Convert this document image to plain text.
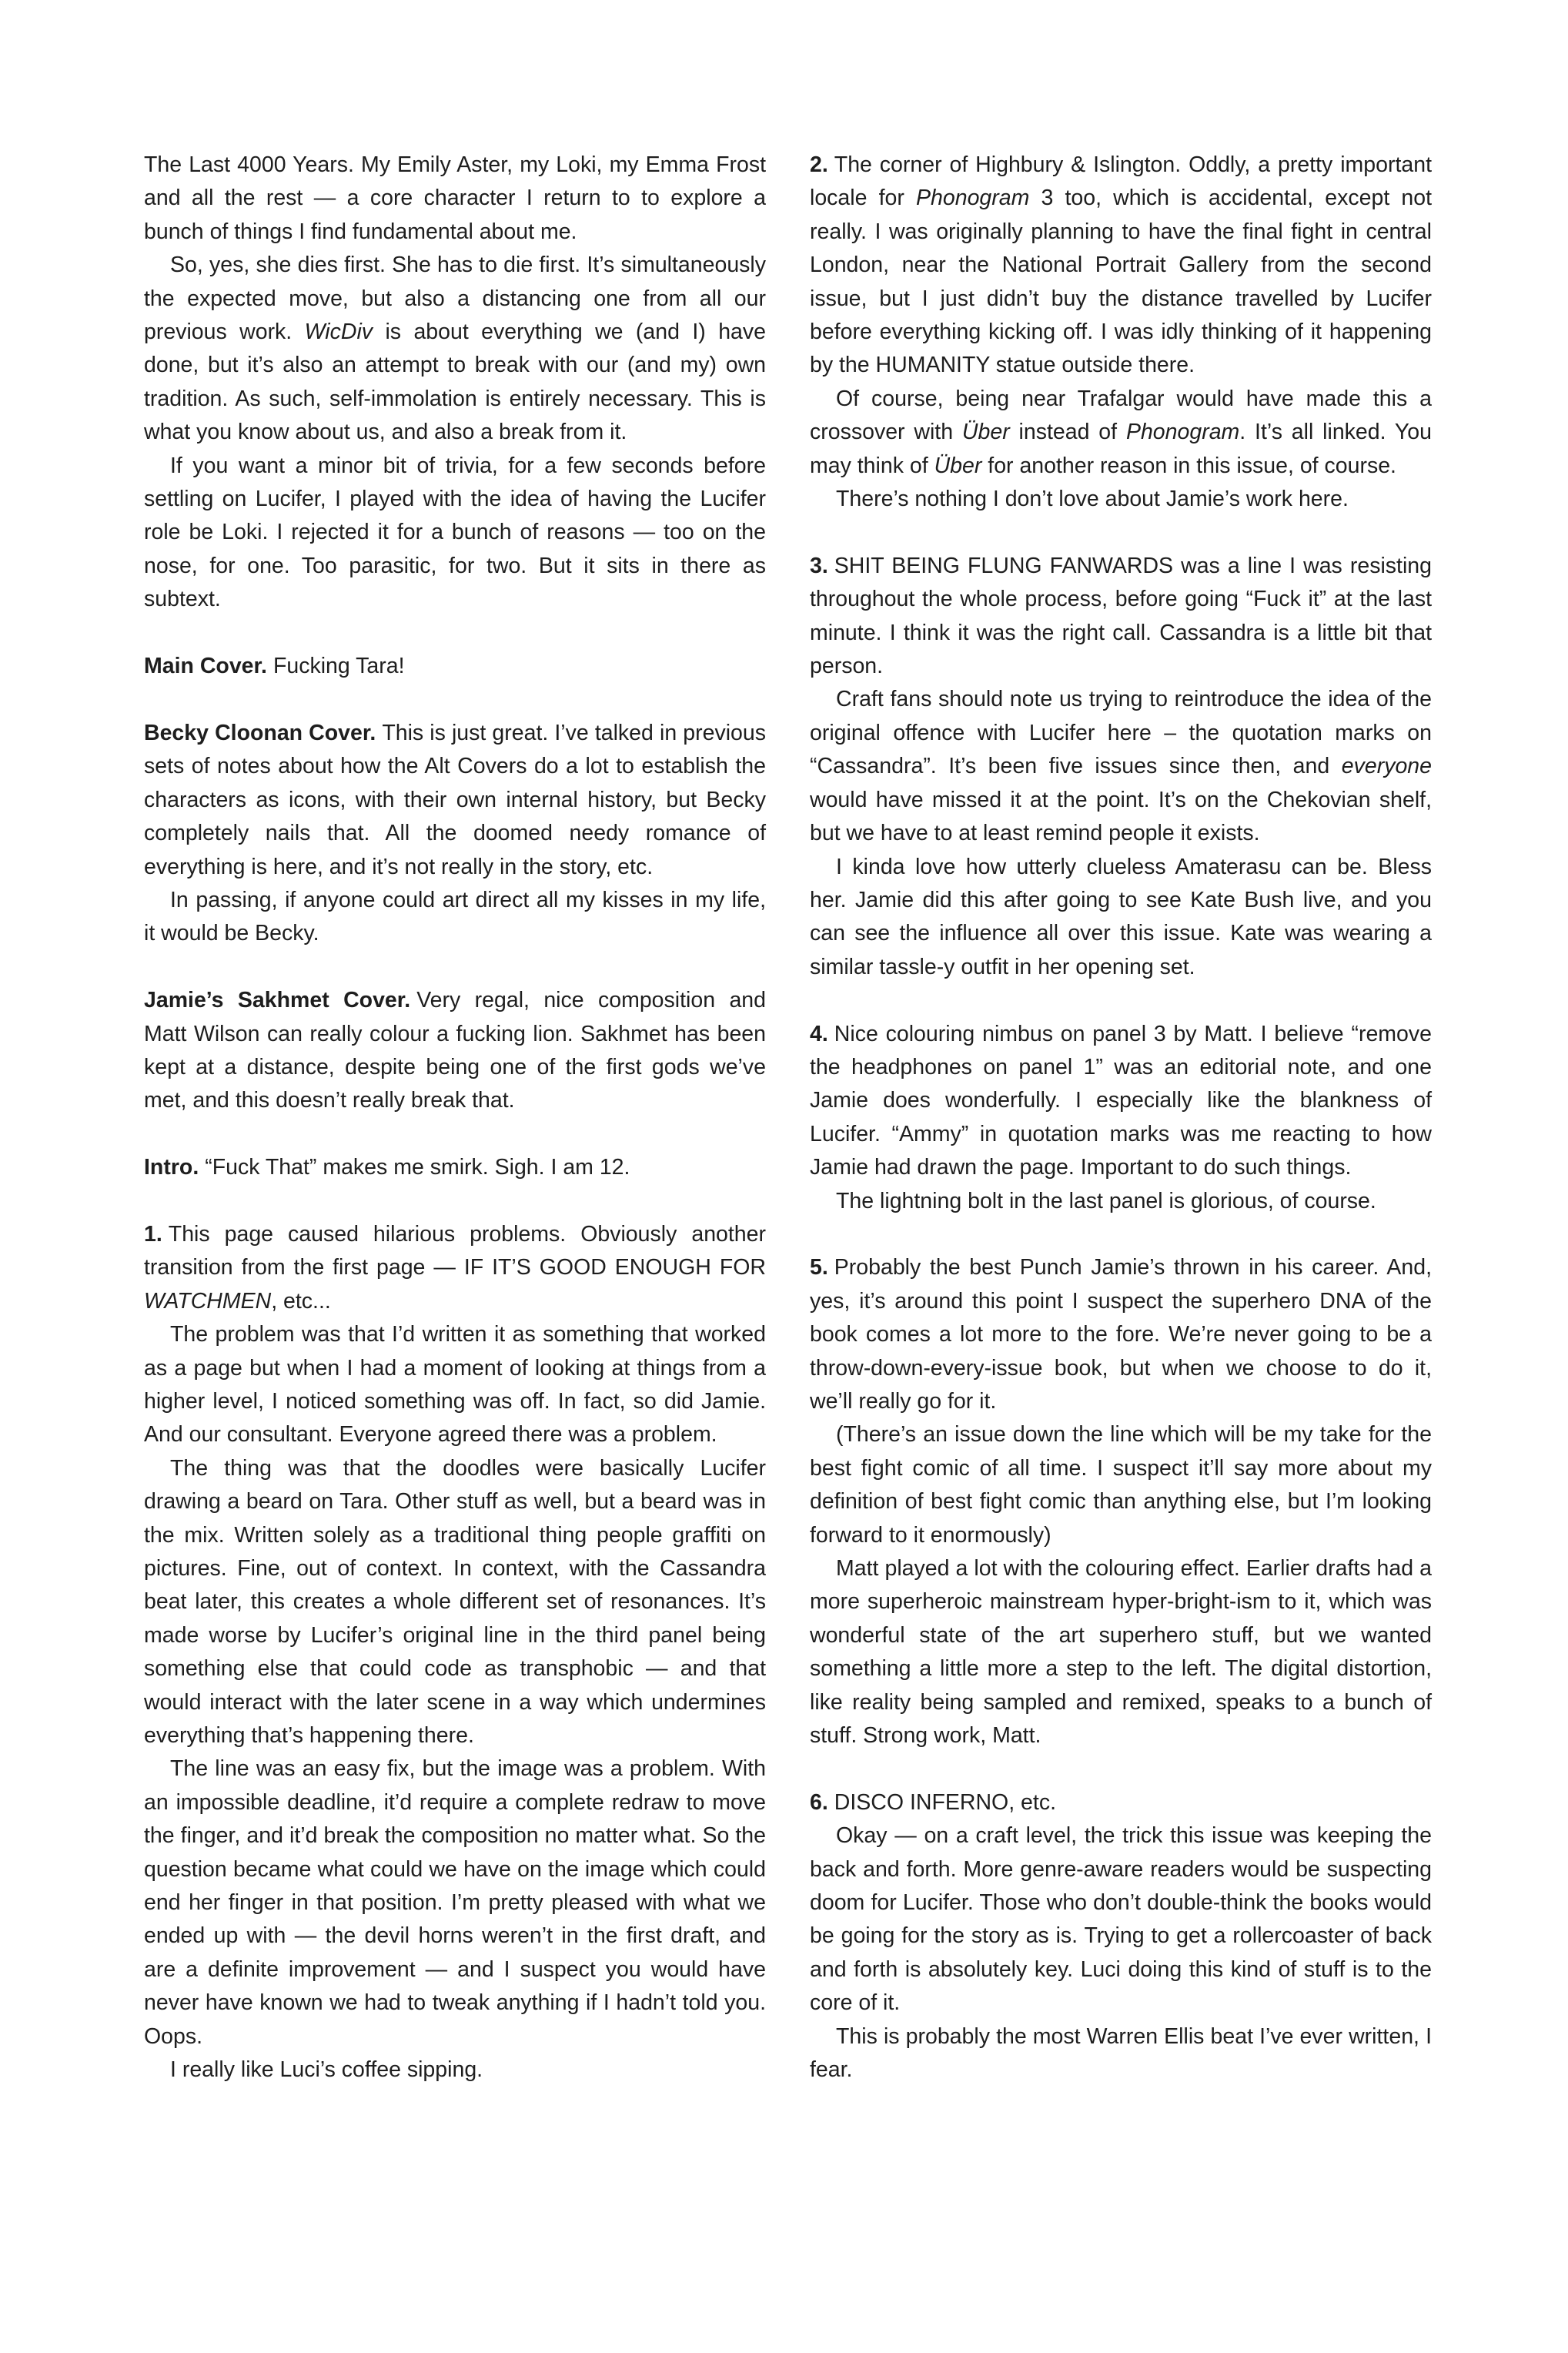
The Last 4000 Years. My Emily Aster, my Loki, my Emma Frost and all the rest — a core character I return to to explore a bunch of things I find fundamental about me.

So, yes, she dies first. She has to die first. It’s simultaneously the expected move, but also a distancing one from all our previous work. WicDiv is about everything we (and I) have done, but it’s also an attempt to break with our (and my) own tradition. As such, self-immolation is entirely necessary. This is what you know about us, and also a break from it.

If you want a minor bit of trivia, for a few seconds before settling on Lucifer, I played with the idea of having the Lucifer role be Loki. I rejected it for a bunch of reasons — too on the nose, for one. Too parasitic, for two. But it sits in there as subtext.

Main Cover. Fucking Tara!

Becky Cloonan Cover. This is just great. I’ve talked in previous sets of notes about how the Alt Covers do a lot to establish the characters as icons, with their own internal history, but Becky completely nails that. All the doomed needy romance of everything is here, and it’s not really in the story, etc.

In passing, if anyone could art direct all my kisses in my life, it would be Becky.

Jamie’s Sakhmet Cover. Very regal, nice composition and Matt Wilson can really colour a fucking lion. Sakhmet has been kept at a distance, despite being one of the first gods we’ve met, and this doesn’t really break that.

Intro. “Fuck That” makes me smirk. Sigh. I am 12.

1. This page caused hilarious problems. Obviously another transition from the first page — IF IT’S GOOD ENOUGH FOR WATCHMEN, etc...

The problem was that I’d written it as something that worked as a page but when I had a moment of looking at things from a higher level, I noticed something was off. In fact, so did Jamie. And our consultant. Everyone agreed there was a problem.

The thing was that the doodles were basically Lucifer drawing a beard on Tara. Other stuff as well, but a beard was in the mix. Written solely as a traditional thing people graffiti on pictures. Fine, out of context. In context, with the Cassandra beat later, this creates a whole different set of resonances. It’s made worse by Lucifer’s original line in the third panel being something else that could code as transphobic — and that would interact with the later scene in a way which undermines everything that’s happening there.

The line was an easy fix, but the image was a problem. With an impossible deadline, it’d require a complete redraw to move the finger, and it’d break the composition no matter what. So the question became what could we have on the image which could end her finger in that position. I’m pretty pleased with what we ended up with — the devil horns weren’t in the first draft, and are a definite improvement — and I suspect you would have never have known we had to tweak anything if I hadn’t told you. Oops.

I really like Luci’s coffee sipping.

2. The corner of Highbury & Islington. Oddly, a pretty important locale for Phonogram 3 too, which is accidental, except not really. I was originally planning to have the final fight in central London, near the National Portrait Gallery from the second issue, but I just didn’t buy the distance travelled by Lucifer before everything kicking off. I was idly thinking of it happening by the HUMANITY statue outside there.

Of course, being near Trafalgar would have made this a crossover with Über instead of Phonogram. It’s all linked. You may think of Über for another reason in this issue, of course.

There’s nothing I don’t love about Jamie’s work here.

3. SHIT BEING FLUNG FANWARDS was a line I was resisting throughout the whole process, before going “Fuck it” at the last minute. I think it was the right call. Cassandra is a little bit that person.

Craft fans should note us trying to reintroduce the idea of the original offence with Lucifer here – the quotation marks on “Cassandra”. It’s been five issues since then, and everyone would have missed it at the point. It’s on the Chekovian shelf, but we have to at least remind people it exists.

I kinda love how utterly clueless Amaterasu can be. Bless her. Jamie did this after going to see Kate Bush live, and you can see the influence all over this issue. Kate was wearing a similar tassle-y outfit in her opening set.

4. Nice colouring nimbus on panel 3 by Matt. I believe “remove the headphones on panel 1” was an editorial note, and one Jamie does wonderfully. I especially like the blankness of Lucifer. “Ammy” in quotation marks was me reacting to how Jamie had drawn the page. Important to do such things.

The lightning bolt in the last panel is glorious, of course.

5. Probably the best Punch Jamie’s thrown in his career. And, yes, it’s around this point I suspect the superhero DNA of the book comes a lot more to the fore. We’re never going to be a throw-down-every-issue book, but when we choose to do it, we’ll really go for it.

(There’s an issue down the line which will be my take for the best fight comic of all time. I suspect it’ll say more about my definition of best fight comic than anything else, but I’m looking forward to it enormously)

Matt played a lot with the colouring effect. Earlier drafts had a more superheroic mainstream hyper-bright-ism to it, which was wonderful state of the art superhero stuff, but we wanted something a little more a step to the left. The digital distortion, like reality being sampled and remixed, speaks to a bunch of stuff. Strong work, Matt.

6. DISCO INFERNO, etc.

Okay — on a craft level, the trick this issue was keeping the back and forth. More genre-aware readers would be suspecting doom for Lucifer. Those who don’t double-think the books would be going for the story as is. Trying to get a rollercoaster of back and forth is absolutely key. Luci doing this kind of stuff is to the core of it.

This is probably the most Warren Ellis beat I’ve ever written, I fear.
